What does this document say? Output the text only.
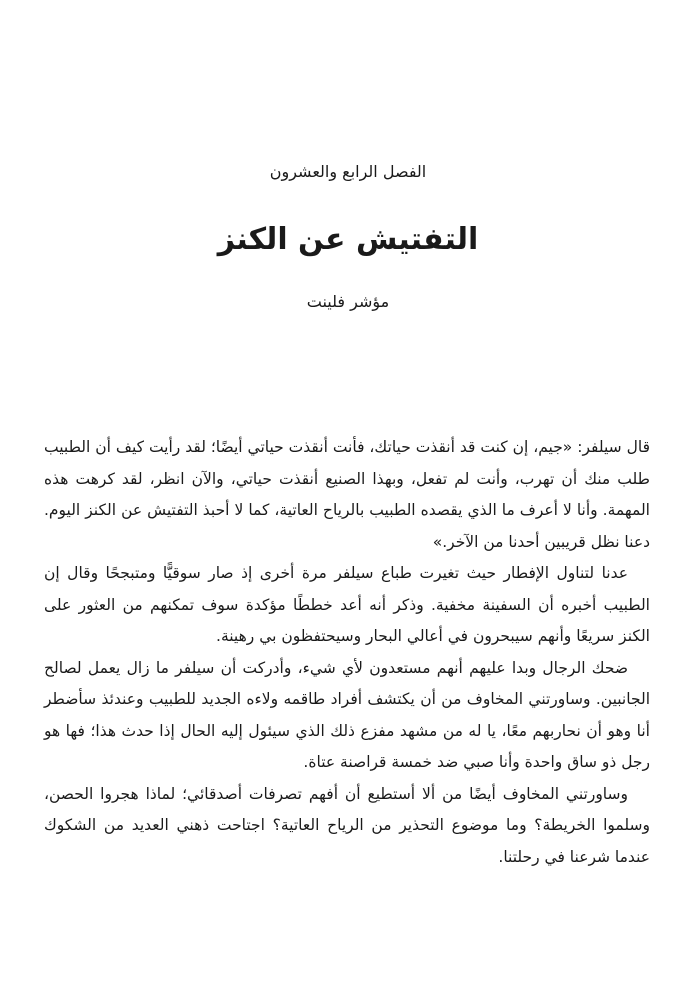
الفصل الرابع والعشرون
التفتيش عن الكنز
مؤشر فلينت

قال سيلفر: «جيم، إن كنت قد أنقذت حياتك، فأنت أنقذت حياتي أيضًا؛ لقد رأيت كيف أن الطبيب طلب منك أن تهرب، وأنت لم تفعل، وبهذا الصنيع أنقذت حياتي، والآن انظر، لقد كرهت هذه المهمة. وأنا لا أعرف ما الذي يقصده الطبيب بالرياح العاتية، كما لا أحبذ التفتيش عن الكنز اليوم. دعنا نظل قريبين أحدنا من الآخر.»

عدنا لتناول الإفطار حيث تغيرت طباع سيلفر مرة أخرى إذ صار سوقيًّا ومتبجحًا وقال إن الطبيب أخبره أن السفينة مخفية. وذكر أنه أعد خططًا مؤكدة سوف تمكنهم من العثور على الكنز سريعًا وأنهم سيبحرون في أعالي البحار وسيحتفظون بي رهينة.

ضحك الرجال وبدا عليهم أنهم مستعدون لأي شيء، وأدركت أن سيلفر ما زال يعمل لصالح الجانبين. وساورتني المخاوف من أن يكتشف أفراد طاقمه ولاءه الجديد للطبيب وعندئذ سأضطر أنا وهو أن نحاربهم معًا، يا له من مشهد مفزع ذلك الذي سيئول إليه الحال إذا حدث هذا؛ فها هو رجل ذو ساق واحدة وأنا صبي ضد خمسة قراصنة عتاة.

وساورتني المخاوف أيضًا من ألا أستطيع أن أفهم تصرفات أصدقائي؛ لماذا هجروا الحصن، وسلموا الخريطة؟ وما موضوع التحذير من الرياح العاتية؟ اجتاحت ذهني العديد من الشكوك عندما شرعنا في رحلتنا.
